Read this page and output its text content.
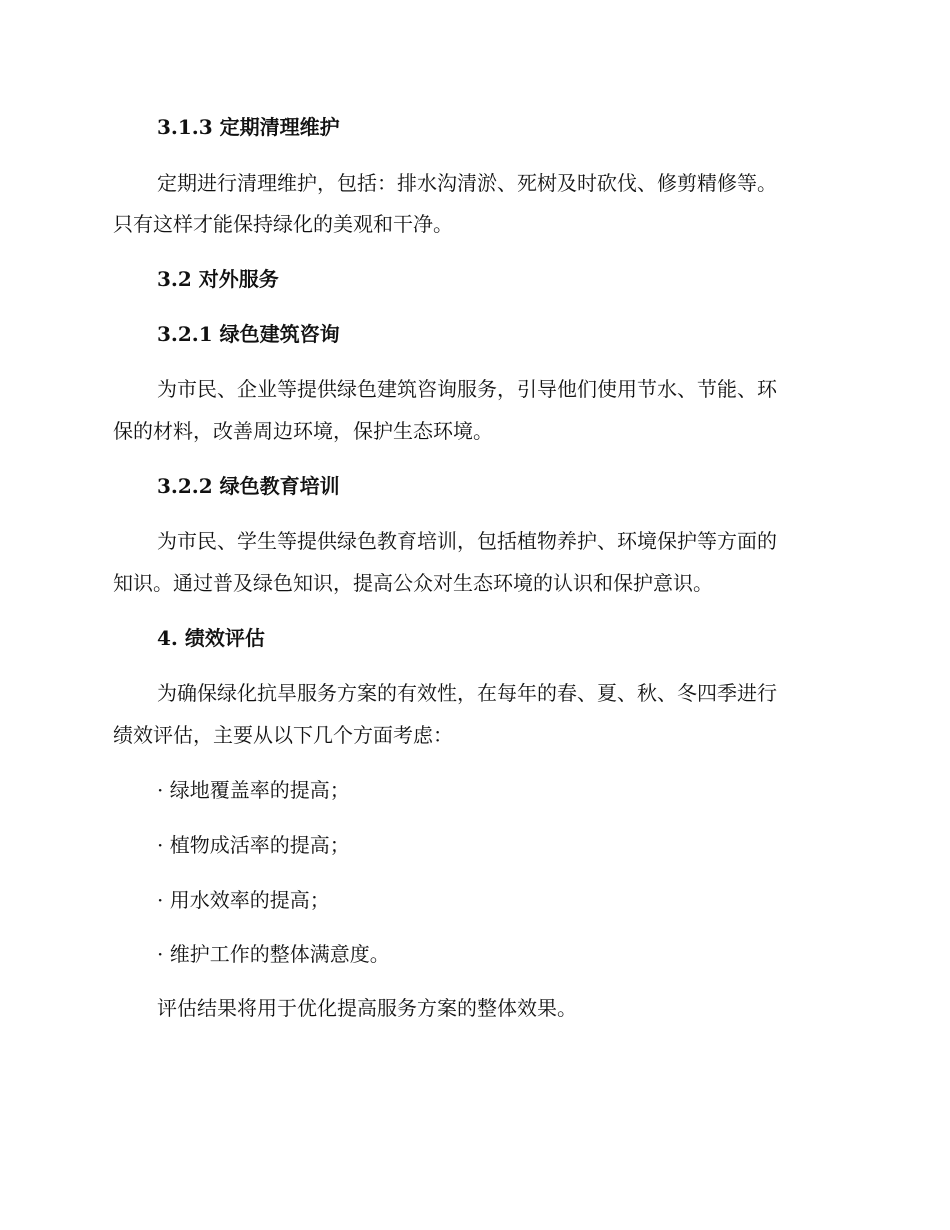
3.1.3 定期清理维护
定期进行清理维护，包括：排水沟清淤、死树及时砍伐、修剪精修等。
只有这样才能保持绿化的美观和干净。
3.2 对外服务
3.2.1 绿色建筑咨询
为市民、企业等提供绿色建筑咨询服务，引导他们使用节水、节能、环
保的材料，改善周边环境，保护生态环境。
3.2.2 绿色教育培训
为市民、学生等提供绿色教育培训，包括植物养护、环境保护等方面的
知识。通过普及绿色知识，提高公众对生态环境的认识和保护意识。
4. 绩效评估
为确保绿化抗旱服务方案的有效性，在每年的春、夏、秋、冬四季进行
绩效评估，主要从以下几个方面考虑：
· 绿地覆盖率的提高；
· 植物成活率的提高；
· 用水效率的提高；
· 维护工作的整体满意度。
评估结果将用于优化提高服务方案的整体效果。
